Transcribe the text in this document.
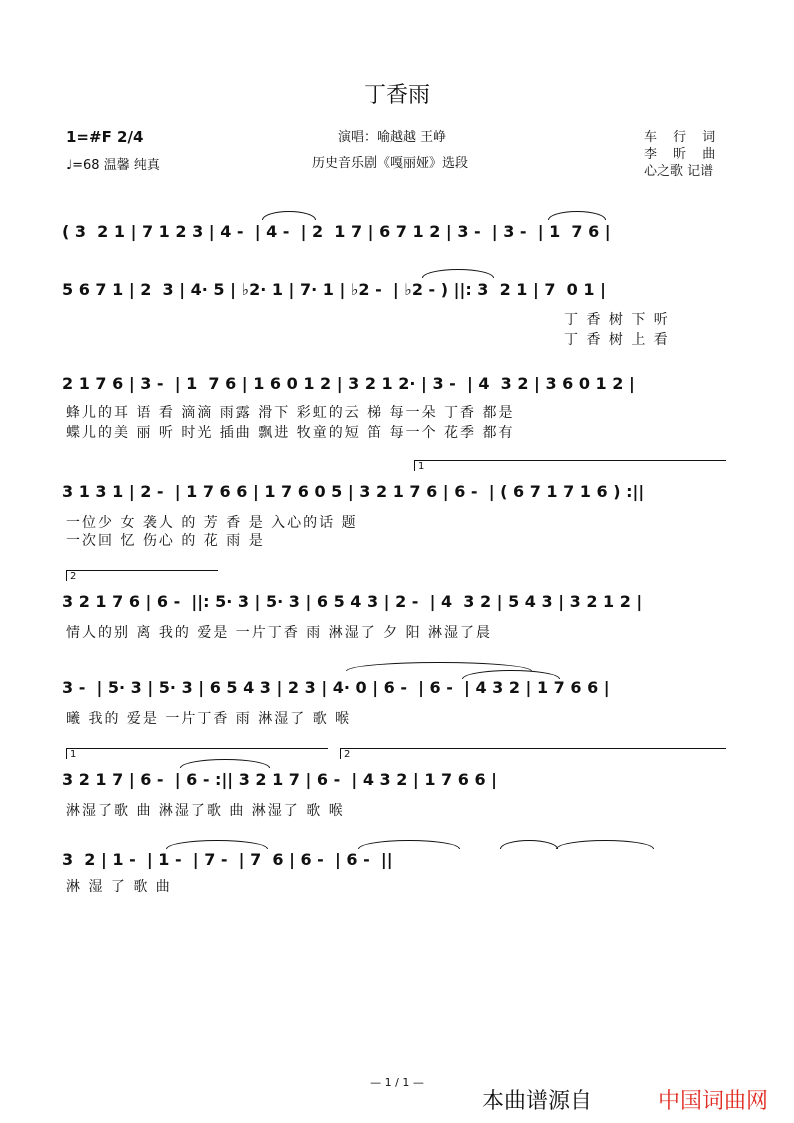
丁香雨
1=#F 2/4
♩=68 温馨 纯真
演唱：喻越越 王峥
历史音乐剧《嘎丽娅》选段
车 行 词
李 昕 曲
心之歌 记谱
( 3  2 1 | 7 1 2 3 | 4 -  | 4 -  | 2  1 7 | 6 7 1 2 | 3 -  | 3 -  | 1  7 6 |
5 6 7 1 | 2  3 | 4· 5 | ♭2· 1 | 7· 1 | ♭2 -  | ♭2 - ) ||: 3  2 1 | 7  0 1 |
丁 香 树 下 听
丁 香 树 上 看
2 1 7 6 | 3 -  | 1  7 6 | 1 6 0 1 2 | 3 2 1 2· | 3 -  | 4  3 2 | 3 6 0 1 2 |
蜂儿的耳 语 看 滴滴 雨露 滑下 彩虹的云 梯 每一朵 丁香 都是
蝶儿的美 丽 听 时光 插曲 飘进 牧童的短 笛 每一个 花季 都有
1
3 1 3 1 | 2 -  | 1 7 6 6 | 1 7 6 0 5 | 3 2 1 7 6 | 6 -  | ( 6 7 1 7 1 6 ) :||
一位少 女 袭人 的 芳 香 是 入心的话 题
一次回 忆 伤心 的 花 雨 是
2
3 2 1 7 6 | 6 -  ||: 5· 3 | 5· 3 | 6 5 4 3 | 2 -  | 4  3 2 | 5 4 3 | 3 2 1 2 |
情人的别 离 我的 爱是 一片丁香 雨 淋湿了 夕 阳 淋湿了晨
3 -  | 5· 3 | 5· 3 | 6 5 4 3 | 2 3 | 4· 0 | 6 -  | 6 -  | 4 3 2 | 1 7 6 6 |
曦 我的 爱是 一片丁香 雨 淋湿了 歌 喉
1	2
3 2 1 7 | 6 -  | 6 - :|| 3 2 1 7 | 6 -  | 4 3 2 | 1 7 6 6 |
淋湿了歌 曲 淋湿了歌 曲 淋湿了 歌 喉
3  2 | 1 -  | 1 -  | 7 -  | 7  6 | 6 -  | 6 -  ||
淋 湿 了 歌 曲
— 1 / 1 —
本曲谱源自	中国词曲网
